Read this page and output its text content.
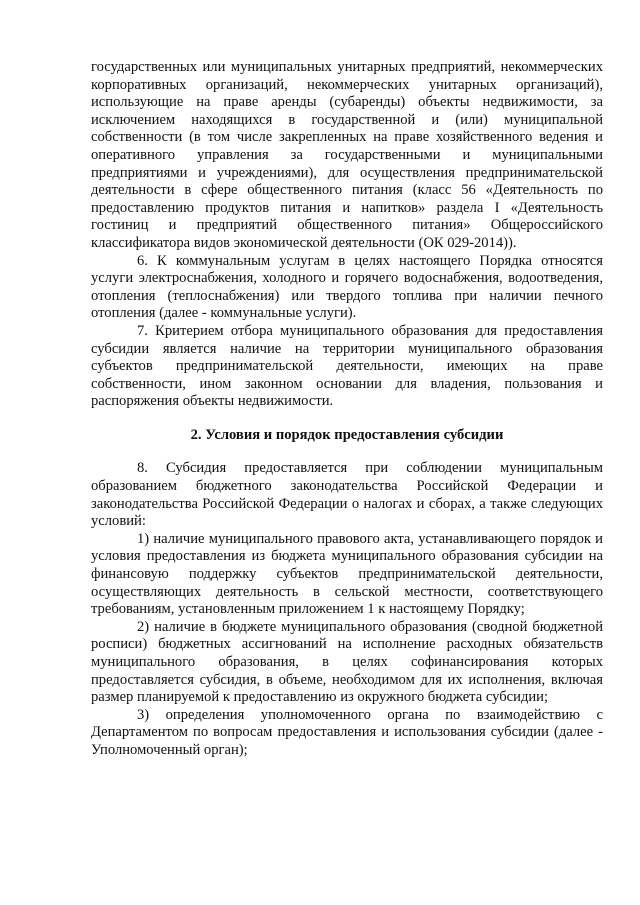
государственных или муниципальных унитарных предприятий, некоммерческих корпоративных организаций, некоммерческих унитарных организаций), использующие на праве аренды (субаренды) объекты недвижимости, за исключением находящихся в государственной и (или) муниципальной собственности (в том числе закрепленных на праве хозяйственного ведения и оперативного управления за государственными и муниципальными предприятиями и учреждениями), для осуществления предпринимательской деятельности в сфере общественного питания (класс 56 «Деятельность по предоставлению продуктов питания и напитков» раздела I «Деятельность гостиниц и предприятий общественного питания» Общероссийского классификатора видов экономической деятельности (ОК 029-2014)).

6. К коммунальным услугам в целях настоящего Порядка относятся услуги электроснабжения, холодного и горячего водоснабжения, водоотведения, отопления (теплоснабжения) или твердого топлива при наличии печного отопления (далее - коммунальные услуги).

7. Критерием отбора муниципального образования для предоставления субсидии является наличие на территории муниципального образования субъектов предпринимательской деятельности, имеющих на праве собственности, ином законном основании для владения, пользования и распоряжения объекты недвижимости.

2. Условия и порядок предоставления субсидии

8. Субсидия предоставляется при соблюдении муниципальным образованием бюджетного законодательства Российской Федерации и законодательства Российской Федерации о налогах и сборах, а также следующих условий:

1) наличие муниципального правового акта, устанавливающего порядок и условия предоставления из бюджета муниципального образования субсидии на финансовую поддержку субъектов предпринимательской деятельности, осуществляющих деятельность в сельской местности, соответствующего требованиям, установленным приложением 1 к настоящему Порядку;

2) наличие в бюджете муниципального образования (сводной бюджетной росписи) бюджетных ассигнований на исполнение расходных обязательств муниципального образования, в целях софинансирования которых предоставляется субсидия, в объеме, необходимом для их исполнения, включая размер планируемой к предоставлению из окружного бюджета субсидии;

3) определения уполномоченного органа по взаимодействию с Департаментом по вопросам предоставления и использования субсидии (далее - Уполномоченный орган);
